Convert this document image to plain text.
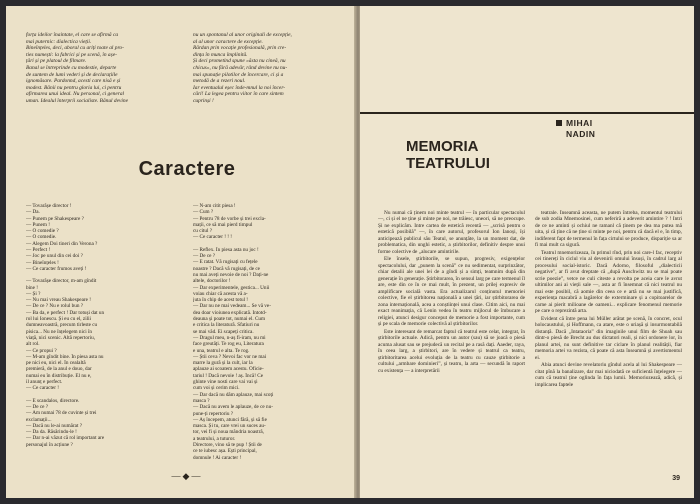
forța ideilor înaintate, el care se afirmă ca
mai puternic: dialectica vieții.
Bineînțeles, deci, aboral cu ariți toate al pro-
ties numești: la fabrici și pe scenă, în așe-
țări și pe platoul de filmare.
Banal se întreprinde cu modestie, departe
de suntem de lumi vederi și de declarațiile
ignomăsare. Pardonnd, acesti care nisă e și
modest. Bănii nu pentru gloria lui, ci pentru
afirmarea unui ideal. Nu personal, ci general
uman. Idealul înterprii socialiste. Bănul devine
nu un spontanul al unor originali de excepție,
al al unor caractere de excepție.
Rărdan prin vocație profesională, prin cre-
dința în munca împlinită.
Și deci prometind spune «ăsta nu cineă, nu
chicus», nu fără adevăr, rând devine nu nu-
mai spunație pilotilor de încercare, ci și a
metodă de a rezeri noul.
Iar eventualul eșec înde-mnul la noi încer-
cări! La legea pentru viitor în care sintem
cuprinși !
Caractere
— Tovarășe director !
— Da.
— Punem pe Shakespeare ?
— Punem !
— O comedie ?
— O comedie.
— Alegem Doi tineri din Verona ?
— Perfect !
— Joc pe unul din cei doi ?
— Bineînțeles !
— Ce caracter frumos aveți !
— Tovarășe director, m-am gîndit
bine !
— Și ?
— Nu mai vreau Shakespeare !
— De ce ? Nu e rolul bun ?
— Ba da, e perfect ! Dar totuși dat un
rol lui Ionescu. Și eu cu el, zilii
dumneavoastră, precum tirleste cu
pisica... Nu ne înțelegem nici în
viață, nici scenic. Altă repertoriu,
alt rol.
— Ce propui ?
— M-am gîndit bine. În piesa asta nu
pe nici eu, nici el. În cealaltă
premieră, de la anul e douo, dar
numai eu în distribuție. El nu e,
il anunț e perfect.
— Ce caracter !
— E scandalos, directore.
— De ce ?
— Am numai 78 de cuvinte și trei
exclamații...
— Dacă nu le-ai numărat ?
— Da da. Răsărindu-le !
— Dar n-ai văzut că rol important are
personajul în acțiune ?
— N-am citit piesa !
— Cum ?
— Pentru 78 de vorbe și trei excla-
mații, ce să mai pierd timpul
cu citul ?
— Ce caracter ! ! !
— Reflex. În piesa asta nu joc !
— De ce ?
— E ratat. Vă rugisați cu fețele
noastre ? Dacă vă rugisați, de ce
nu mai aveți nevoie de noi ? Dați-ne
altele, doctorilor !
— Dar experimentele, gestica... Unii
voiau chiar că acesta vă a-
juta în chip de acest totul !
— Dar nu ne mai vedeam... Se vă ve-
dea doar vioiunea explicată. Intotd-
deauna și poate tot, numai el. Cum
e critica la literatură. Sfatiuri nu
se mai văd. Ei scapeți critica.
— Dragul meu, n-aș fi-iram, nu mi
face greutăți. Te rog eu, Literatura
e una, teatrul e alta. Te rog.
— Știi ceva ? Nevoi fac vor ne mai
marre la gură și la cult, iar la
aplauze ai scoatem acestu. Oficie-
tariul ! Dacă nevoie ! aș. Încă! Ce
ghinte vine nosti care vai vai și
cum voi și cerim mici.
— Dar dacă nu dăm aplauze, mai scoți
masca ?
— Dacă nu avem le aplauze, de ce nu-
pune-ți repertoriu ?
— Aș începem, atunci fără, și să fie
masca. Și tu, care vrei un suces au-
tor, vei fi și noua măndria noastră,
a teatrului, a tuturor.
Directore, vino să te pup ! Știi de
ce te iubesc așa. Ești principal,
domnule ! Ai caracter !
—◆—
MIHAI
NADIN
MEMORIA
TEATRULUI

Nu numai că ținem noi minte teatrul — în particular spectacolul —, ci și el ne ține și minte pe noi, ne trăiesc, uneori, să ne preocupe. Și ne explicăm. Intre cartea de estetică recentă — „scrisă pentru o estetică posibilă” —, în care autorul, profesorul Ion Ianoși, își anticipează publicul său Teatul, se anunțăte, la un moment dat, de problematica, din unghi estetic, a știrbitorilor, definitiv despre unui forme colective de „alucare amintirile.

Ele însele, știrbitorile, se supun, progresiv, exigențelor spectacolului, dar „punem la scenă” ce nu sedimentat, surprinzător, chiar detalii ale unei lei de a gîndi și a simți, teamnim după din generație în generație. Știrbitorarea, în sensul larg pe care termenul îl are, este din ce în ce mai mult, în prezent, un prilej expresiv de amplificare socială vasta. Era actualizarul conținutul memoriei colective, fie el știrbitorea națională a unei țări, iar știrbitorarea de zona internațională, acea a conștiinței unui clase. Citim aici, nu mai exact reanimația, că Lenin vedea în teatru mijlocul de îmbucare a religiei, atunci desigur conceput de memorie a fost importante, cum și pe scala de memorie colectivă al știrbitorilor.

Este interesant de remarcat faptul că teatrul este celat, integrat, în știrbitorile actuale. Adică, pentru un autor (sau) să se joacă o piesă acuma alusat sau se prejudecă un recital pe a rasă dați. Aaeder, raya, în ceea larg, a știrbitori, are în vedere și teatrul ca teatru, știrbitoritarea acelui evoluția de la teatru cu cauze știrbitorie a cultului „armbare dominieri”, și teatru, la arta — secundă în raport cu existența — a interpretării

teatrale. Înseamnă aceasta, ne putem întreba, momentul teatrului de sub zodia Mnemosinei, cum neferiră a adeverit amintire ? ! Intri de ce ne aminti și ochiul ne ramanl că ținem pe dea ma putea mă uita, și că ține că ne ține si minte pe noi, pentru că dacă el e, în timp, indiferent fapt de termenul în fața cirtului se produce, dispariție sa ar fi mai mult ca sigură.

Teatrul mnemorizeaza, în primul rînd, prin noi care-l fac, receptiv cei tinereți în ciclul viu al devenirii omului însuși, în cadrul larg al procesului social-istoric. Dacă Adorno, filosoful „dialecticii negative”, ar fi avut dreptate că „după Auschwitz nu se mai poate scrie poezie”, vetce ne culi citeste a revolta pe aceia care le avrut ultimilor ani ai vieții sale —, asta ar fi însemnat că nici teatrul nu mai este posibil, că aomie din ceea ce e artă nu se mai justifică, experiența macabră a lagărelor de exterminare și a copitoarelor de carne ai pierit milioane de oameni... explicare fenomenul memorie pe care o reprezintă arta.

Evident că între pena lui Müller arătat pe scenă, în concret, ocul holocaustului, și Hoffmann, ca atare, este o uriașă și insurmontabilă distanță. Dacă „Intataoria” din imaginile unui film de Shoah sau dintr-o piesă de Brecht au dus dictatori reali, și nici ordonere lor, în planul artei, nu sunt definitive tar ciclare în planul realității, fiar memoria artei va rezista, că poate că asta înseamnă și avertismentul ei.

Abia atunci devine revelatoriu gîndul acela al lui Shakespeare — citat pînă la banalizare, dar mai niciodată ce suficientă înțelegere — cum că teatrul ține oglinda în fața lumii. Memoriozează, adică, și implicarea faptele

39
